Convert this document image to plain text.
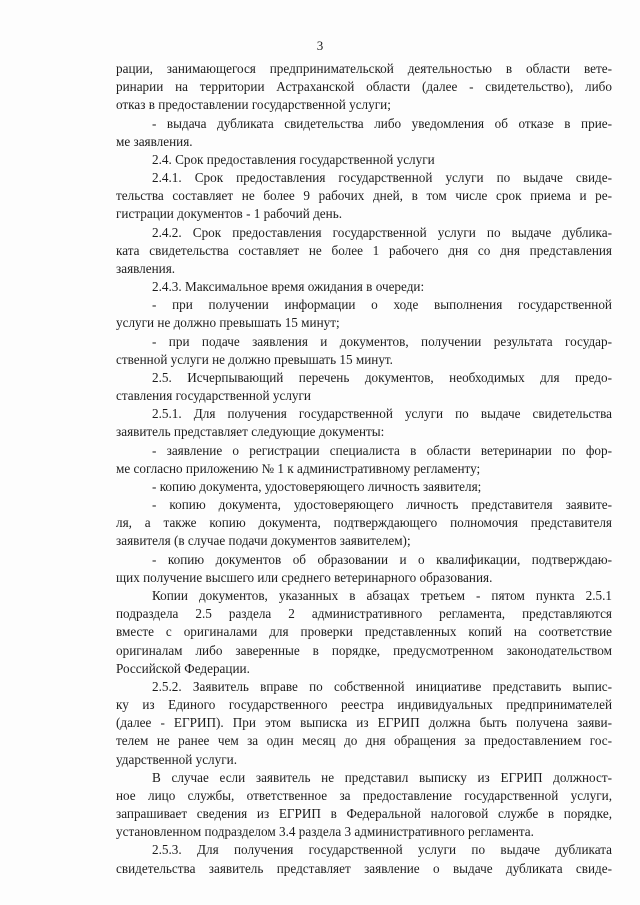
3
рации, занимающегося предпринимательской деятельностью в области вете-
ринарии на территории Астраханской области (далее - свидетельство), либо
отказ в предоставлении государственной услуги;
- выдача дубликата свидетельства либо уведомления об отказе в прие-
ме заявления.
2.4. Срок предоставления государственной услуги
2.4.1. Срок предоставления государственной услуги по выдаче свиде-
тельства составляет не более 9 рабочих дней, в том числе срок приема и ре-
гистрации документов - 1 рабочий день.
2.4.2. Срок предоставления государственной услуги по выдаче дублика-
ката свидетельства составляет не более 1 рабочего дня со дня представления
заявления.
2.4.3. Максимальное время ожидания в очереди:
- при получении информации о ходе выполнения государственной
услуги не должно превышать 15 минут;
- при подаче заявления и документов, получении результата государ-
ственной услуги не должно превышать 15 минут.
2.5. Исчерпывающий перечень документов, необходимых для предо-
ставления государственной услуги
2.5.1. Для получения государственной услуги по выдаче свидетельства
заявитель представляет следующие документы:
- заявление о регистрации специалиста в области ветеринарии по фор-
ме согласно приложению № 1 к административному регламенту;
- копию документа, удостоверяющего личность заявителя;
- копию документа, удостоверяющего личность представителя заявите-
ля, а также копию документа, подтверждающего полномочия представителя
заявителя (в случае подачи документов заявителем);
- копию документов об образовании и о квалификации, подтверждаю-
щих получение высшего или среднего ветеринарного образования.
Копии документов, указанных в абзацах третьем - пятом пункта 2.5.1
подраздела 2.5 раздела 2 административного регламента, представляются
вместе с оригиналами для проверки представленных копий на соответствие
оригиналам либо заверенные в порядке, предусмотренном законодательством
Российской Федерации.
2.5.2. Заявитель вправе по собственной инициативе представить выпис-
ку из Единого государственного реестра индивидуальных предпринимателей
(далее - ЕГРИП). При этом выписка из ЕГРИП должна быть получена заяви-
телем не ранее чем за один месяц до дня обращения за предоставлением гос-
ударственной услуги.
В случае если заявитель не представил выписку из ЕГРИП должност-
ное лицо службы, ответственное за предоставление государственной услуги,
запрашивает сведения из ЕГРИП в Федеральной налоговой службе в порядке,
установленном подразделом 3.4 раздела 3 административного регламента.
2.5.3. Для получения государственной услуги по выдаче дубликата
свидетельства заявитель представляет заявление о выдаче дубликата свиде-
